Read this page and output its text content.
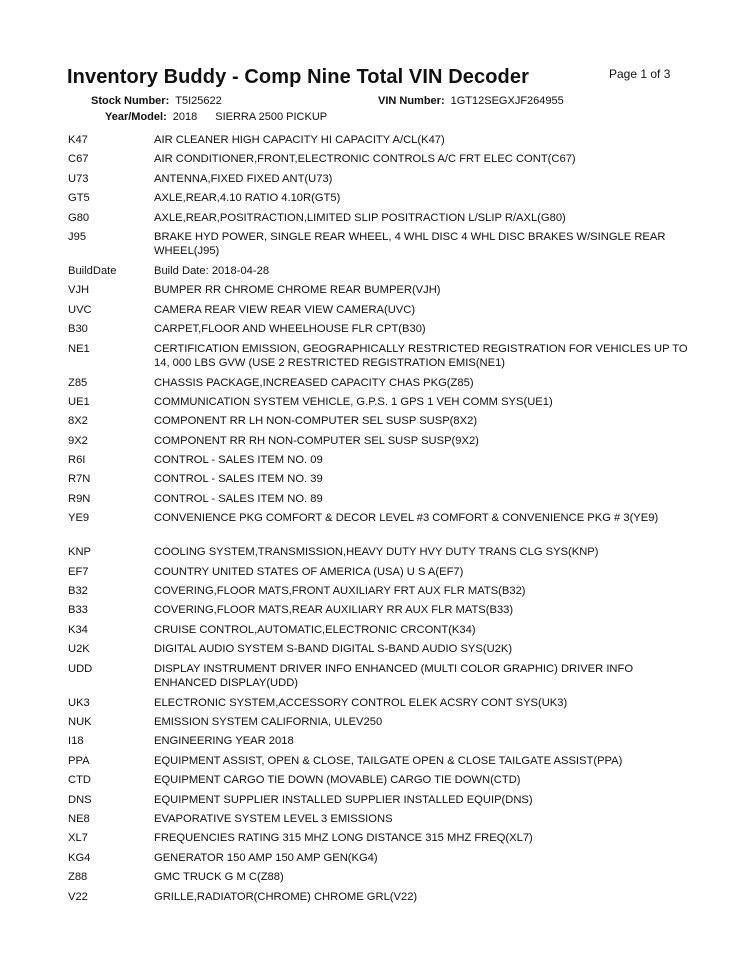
Inventory Buddy - Comp Nine Total VIN Decoder	Page 1 of 3
Stock Number: T5I25622	VIN Number: 1GT12SEGXJF264955
Year/Model: 2018 SIERRA 2500 PICKUP
K47	AIR CLEANER HIGH CAPACITY HI CAPACITY A/CL(K47)
C67	AIR CONDITIONER,FRONT,ELECTRONIC CONTROLS A/C FRT ELEC CONT(C67)
U73	ANTENNA,FIXED FIXED ANT(U73)
GT5	AXLE,REAR,4.10 RATIO 4.10R(GT5)
G80	AXLE,REAR,POSITRACTION,LIMITED SLIP POSITRACTION L/SLIP R/AXL(G80)
J95	BRAKE HYD POWER, SINGLE REAR WHEEL, 4 WHL DISC 4 WHL DISC BRAKES W/SINGLE REAR WHEEL(J95)
BuildDate	Build Date: 2018-04-28
VJH	BUMPER RR CHROME CHROME REAR BUMPER(VJH)
UVC	CAMERA REAR VIEW REAR VIEW CAMERA(UVC)
B30	CARPET,FLOOR AND WHEELHOUSE FLR CPT(B30)
NE1	CERTIFICATION EMISSION, GEOGRAPHICALLY RESTRICTED REGISTRATION FOR VEHICLES UP TO 14, 000 LBS GVW (USE 2 RESTRICTED REGISTRATION EMIS(NE1)
Z85	CHASSIS PACKAGE,INCREASED CAPACITY CHAS PKG(Z85)
UE1	COMMUNICATION SYSTEM VEHICLE, G.P.S. 1 GPS 1 VEH COMM SYS(UE1)
8X2	COMPONENT RR LH NON-COMPUTER SEL SUSP SUSP(8X2)
9X2	COMPONENT RR RH NON-COMPUTER SEL SUSP SUSP(9X2)
R6I	CONTROL - SALES ITEM NO. 09
R7N	CONTROL - SALES ITEM NO. 39
R9N	CONTROL - SALES ITEM NO. 89
YE9	CONVENIENCE PKG COMFORT & DECOR LEVEL #3 COMFORT & CONVENIENCE PKG # 3(YE9)
KNP	COOLING SYSTEM,TRANSMISSION,HEAVY DUTY HVY DUTY TRANS CLG SYS(KNP)
EF7	COUNTRY UNITED STATES OF AMERICA (USA) U S A(EF7)
B32	COVERING,FLOOR MATS,FRONT AUXILIARY FRT AUX FLR MATS(B32)
B33	COVERING,FLOOR MATS,REAR AUXILIARY RR AUX FLR MATS(B33)
K34	CRUISE CONTROL,AUTOMATIC,ELECTRONIC CRCONT(K34)
U2K	DIGITAL AUDIO SYSTEM S-BAND DIGITAL S-BAND AUDIO SYS(U2K)
UDD	DISPLAY INSTRUMENT DRIVER INFO ENHANCED (MULTI COLOR GRAPHIC) DRIVER INFO ENHANCED DISPLAY(UDD)
UK3	ELECTRONIC SYSTEM,ACCESSORY CONTROL ELEK ACSRY CONT SYS(UK3)
NUK	EMISSION SYSTEM CALIFORNIA, ULEV250
I18	ENGINEERING YEAR 2018
PPA	EQUIPMENT ASSIST, OPEN & CLOSE, TAILGATE OPEN & CLOSE TAILGATE ASSIST(PPA)
CTD	EQUIPMENT CARGO TIE DOWN (MOVABLE) CARGO TIE DOWN(CTD)
DNS	EQUIPMENT SUPPLIER INSTALLED SUPPLIER INSTALLED EQUIP(DNS)
NE8	EVAPORATIVE SYSTEM LEVEL 3 EMISSIONS
XL7	FREQUENCIES RATING 315 MHZ LONG DISTANCE 315 MHZ FREQ(XL7)
KG4	GENERATOR 150 AMP 150 AMP GEN(KG4)
Z88	GMC TRUCK G M C(Z88)
V22	GRILLE,RADIATOR(CHROME) CHROME GRL(V22)
